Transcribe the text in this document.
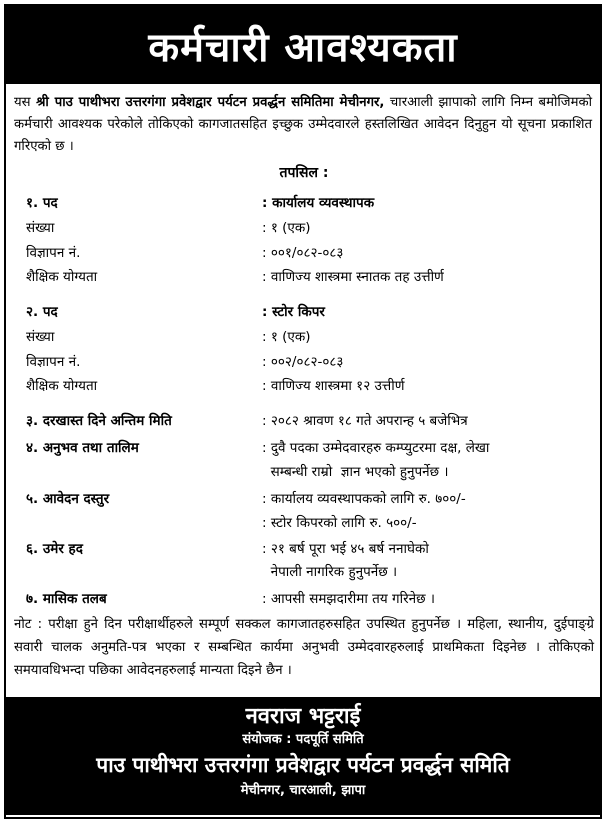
कर्मचारी आवश्यकता
यस श्री पाउ पाथीभरा उत्तरगंगा प्रवेशद्वार पर्यटन प्रवर्द्धन समितिमा मेचीनगर, चारआली झापाको लागि निम्न बमोजिमको कर्मचारी आवश्यक परेकोले तोकिएको कागजातसहित इच्छुक उम्मेदवारले हस्तलिखित आवेदन दिनुहुन यो सूचना प्रकाशित गरिएको छ ।
तपसिल :
१. पद	: कार्यालय व्यवस्थापक
संख्या	: १ (एक)
विज्ञापन नं.	: ००१/०८२-०८३
शैक्षिक योग्यता	: वाणिज्य शास्त्रमा स्नातक तह उत्तीर्ण
२. पद	: स्टोर किपर
संख्या	: १ (एक)
विज्ञापन नं.	: ००२/०८२-०८३
शैक्षिक योग्यता	: वाणिज्य शास्त्रमा १२ उत्तीर्ण
३. दरखास्त दिने अन्तिम मिति	: २०८२ श्रावण १८ गते अपरान्ह ५ बजेभित्र
४. अनुभव तथा तालिम	: दुवै पदका उम्मेदवारहरु कम्प्युटरमा दक्ष, लेखा
सम्बन्धी राम्रो  ज्ञान भएको हुनुपर्नेछ ।
५. आवेदन दस्तुर	: कार्यालय व्यवस्थापकको लागि रु. ७००/-
: स्टोर किपरको लागि रु. ५००/-
६. उमेर हद	: २१ बर्ष पूरा भई ४५ बर्ष ननाघेको
नेपाली नागरिक हुनुपर्नेछ ।
७. मासिक तलब	: आपसी समझदारीमा तय गरिनेछ ।
नोट : परीक्षा हुने दिन परीक्षार्थीहरुले सम्पूर्ण सक्कल कागजातहरुसहित उपस्थित हुनुपर्नेछ । महिला, स्थानीय, दुईपाङ्ग्रे सवारी चालक अनुमति-पत्र भएका र सम्बन्धित कार्यमा अनुभवी उम्मेदवारहरुलाई प्राथमिकता दिइनेछ । तोकिएको समयावधिभन्दा पछिका आवेदनहरुलाई मान्यता दिइने छैन ।
नवराज भट्टराई
संयोजक : पदपूर्ति समिति
पाउ पाथीभरा उत्तरगंगा प्रवेशद्वार पर्यटन प्रवर्द्धन समिति
मेचीनगर, चारआली, झापा
